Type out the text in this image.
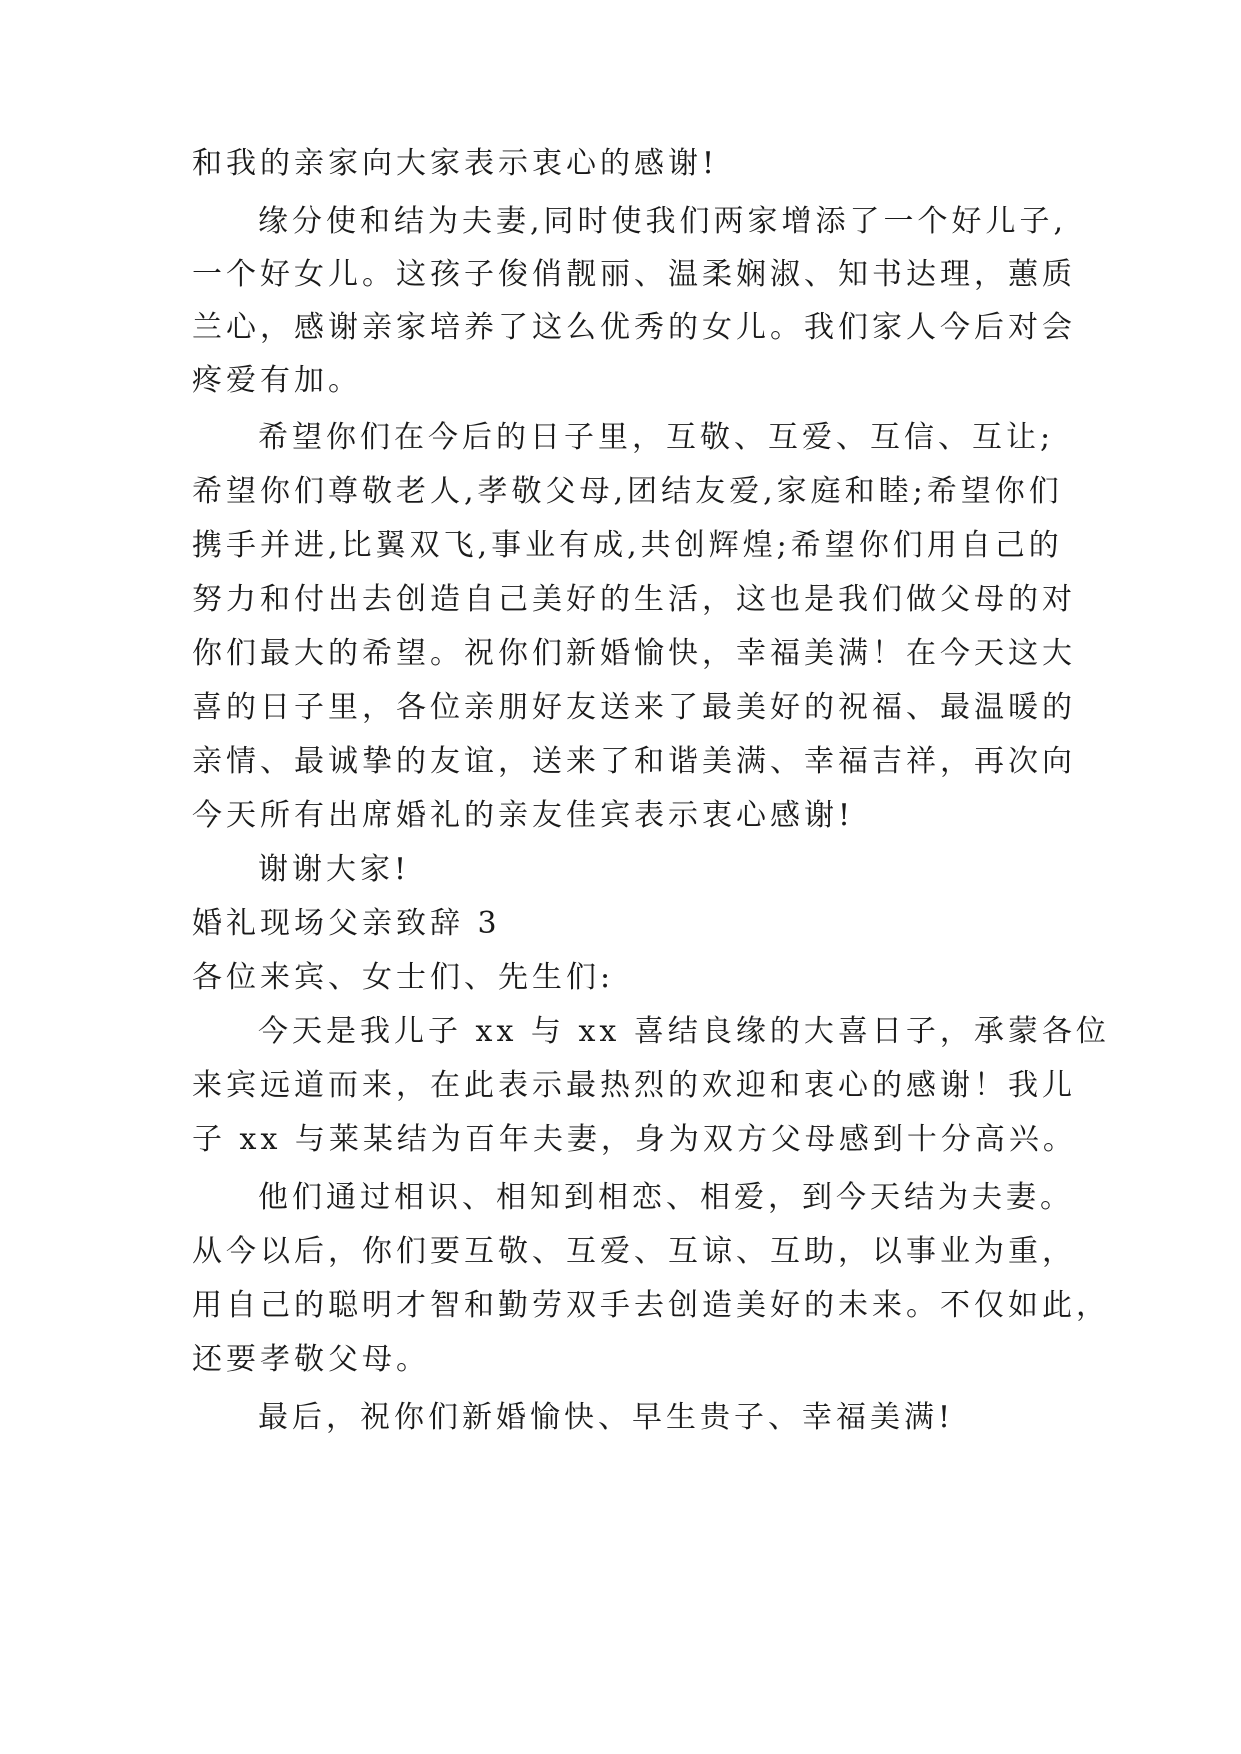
和我的亲家向大家表示衷心的感谢!
缘分使和结为夫妻,同时使我们两家增添了一个好儿子,
一个好女儿。这孩子俊俏靓丽、温柔娴淑、知书达理，蕙质
兰心，感谢亲家培养了这么优秀的女儿。我们家人今后对会
疼爱有加。
希望你们在今后的日子里，互敬、互爱、互信、互让;
希望你们尊敬老人,孝敬父母,团结友爱,家庭和睦;希望你们
携手并进,比翼双飞,事业有成,共创辉煌;希望你们用自己的
努力和付出去创造自己美好的生活，这也是我们做父母的对
你们最大的希望。祝你们新婚愉快，幸福美满！在今天这大
喜的日子里，各位亲朋好友送来了最美好的祝福、最温暖的
亲情、最诚挚的友谊，送来了和谐美满、幸福吉祥，再次向
今天所有出席婚礼的亲友佳宾表示衷心感谢!
谢谢大家!
婚礼现场父亲致辞 3
各位来宾、女士们、先生们:
今天是我儿子 xx 与 xx 喜结良缘的大喜日子，承蒙各位
来宾远道而来，在此表示最热烈的欢迎和衷心的感谢！我儿
子 xx 与莱某结为百年夫妻，身为双方父母感到十分高兴。
他们通过相识、相知到相恋、相爱，到今天结为夫妻。
从今以后，你们要互敬、互爱、互谅、互助，以事业为重，
用自己的聪明才智和勤劳双手去创造美好的未来。不仅如此，
还要孝敬父母。
最后，祝你们新婚愉快、早生贵子、幸福美满!
